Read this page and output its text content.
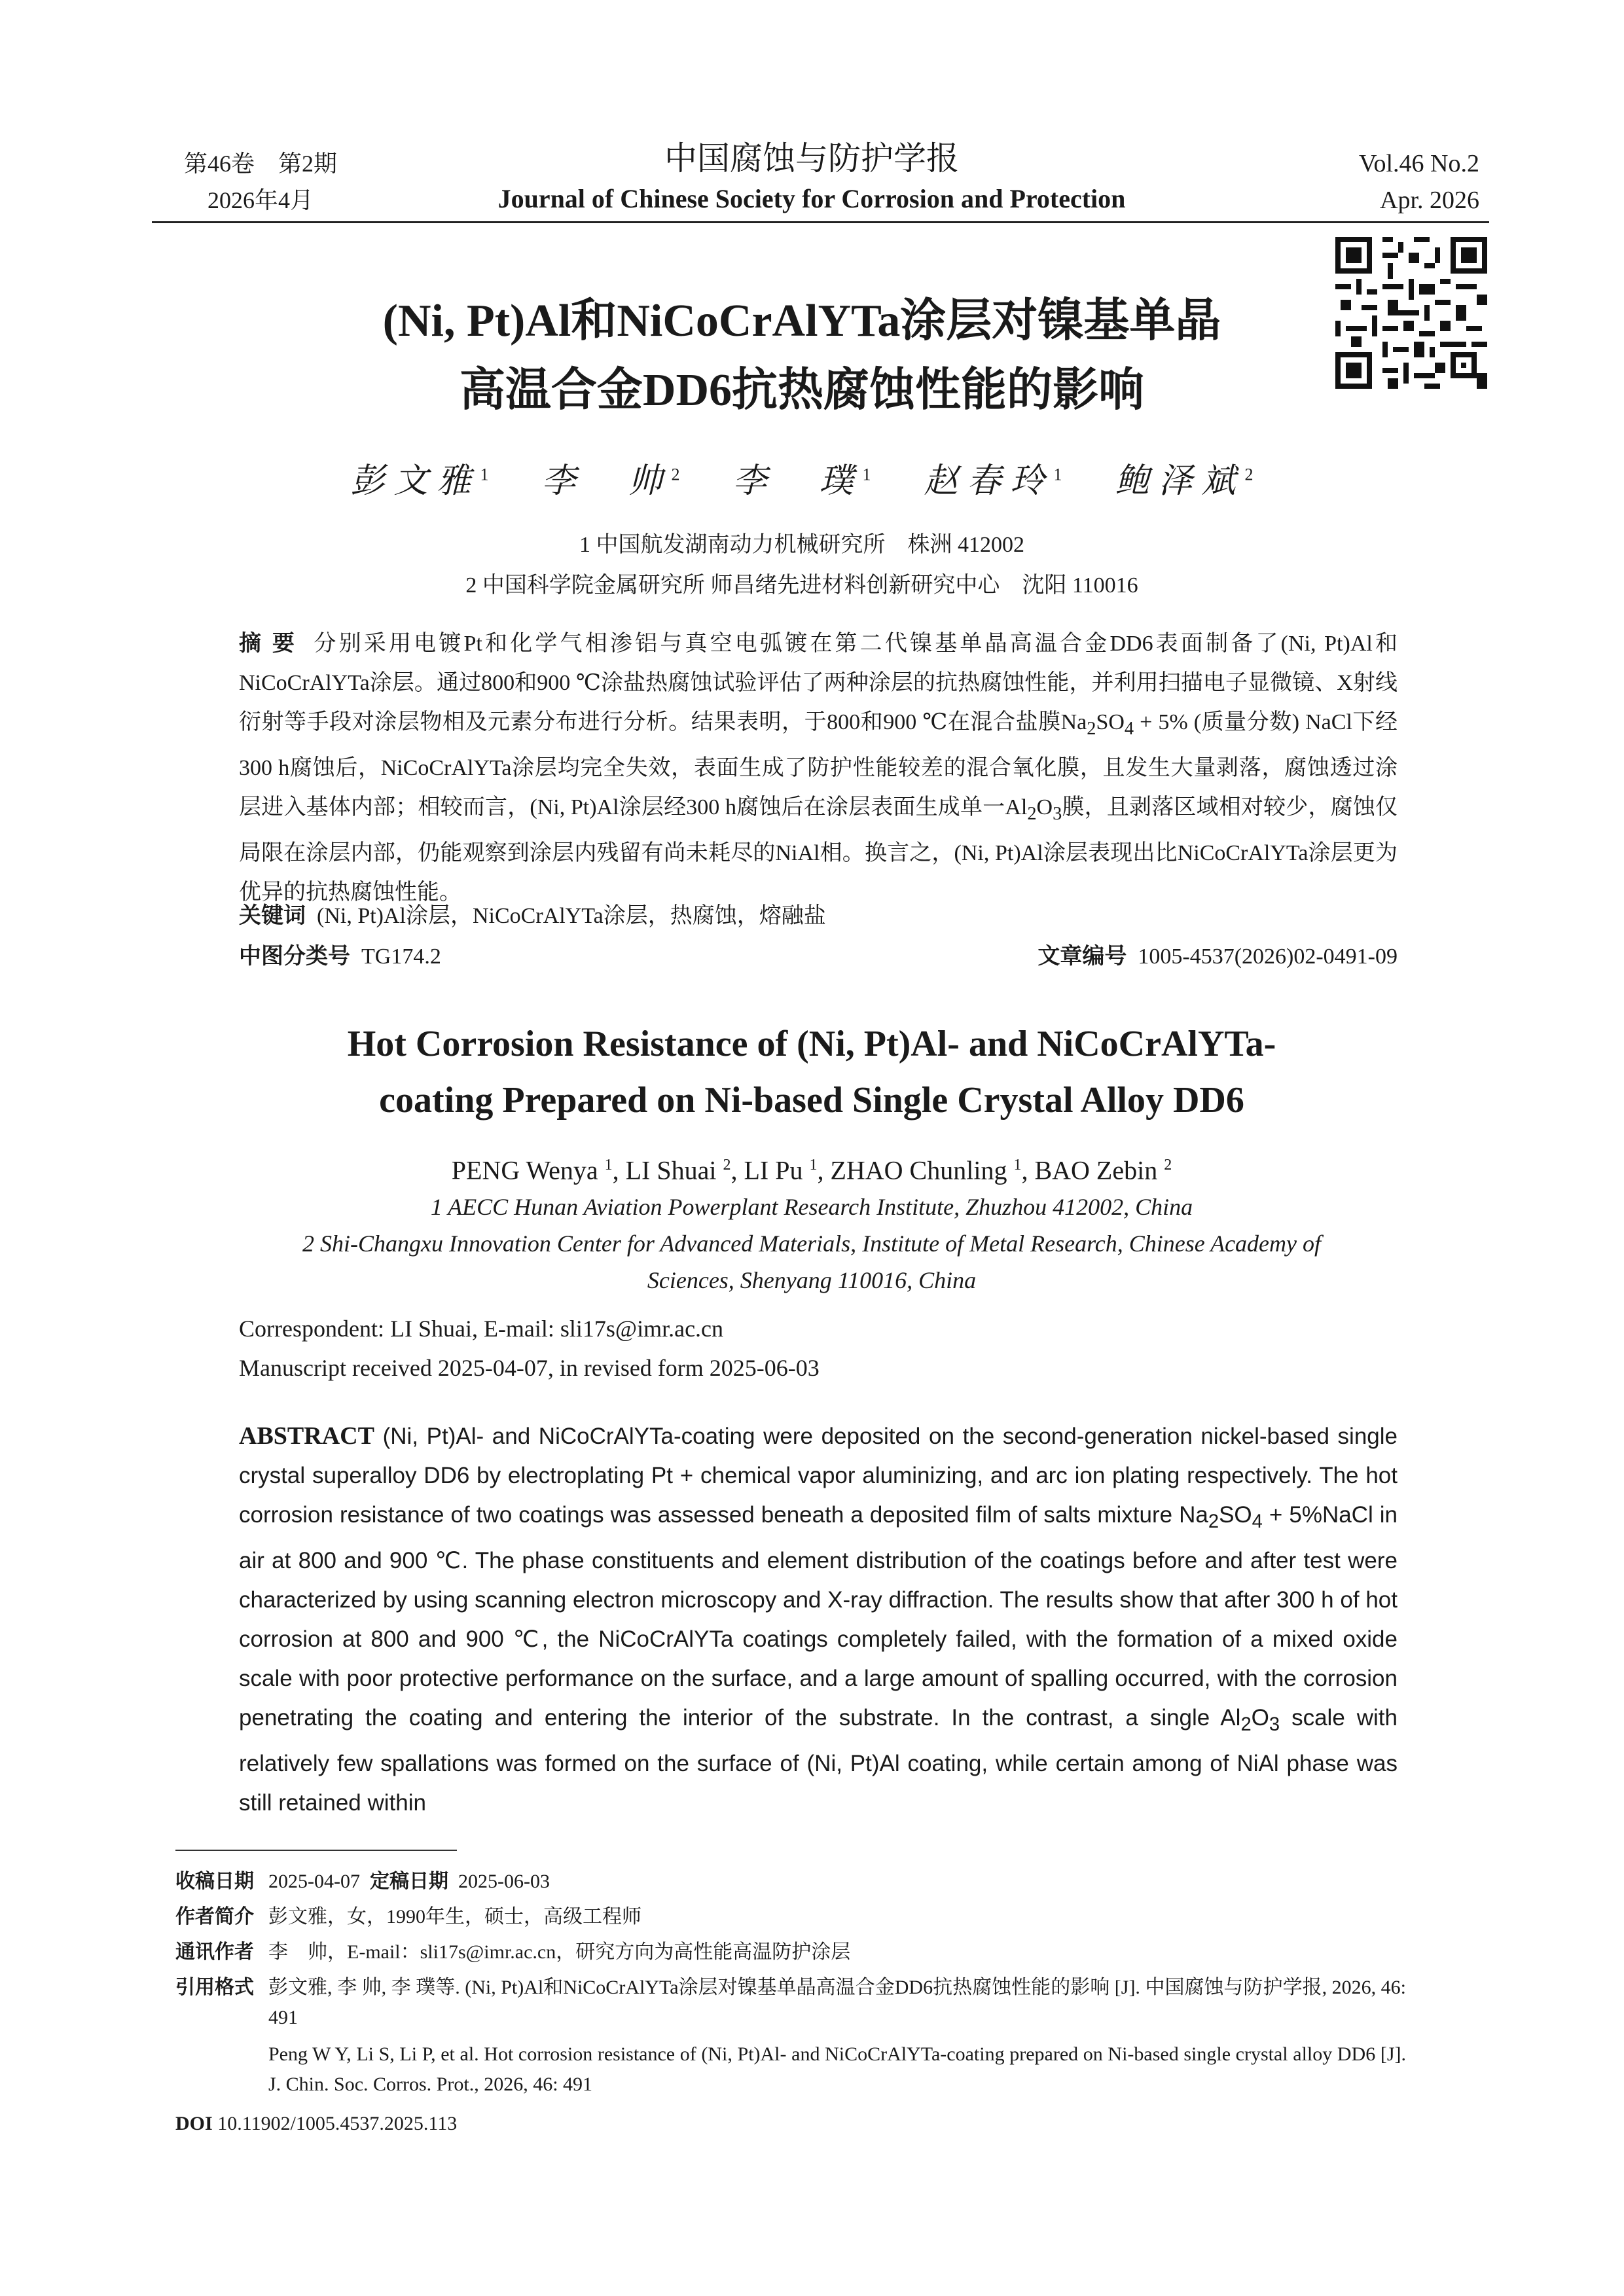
第46卷　第2期
2026年4月
中国腐蚀与防护学报
Journal of Chinese Society for Corrosion and Protection
Vol.46 No.2
Apr. 2026
(Ni, Pt)Al和NiCoCrAlYTa涂层对镍基单晶
高温合金DD6抗热腐蚀性能的影响
彭文雅$^1$ 李　帅$^2$ 李　璞$^1$ 赵春玲$^1$ 鲍泽斌$^2$
1 中国航发湖南动力机械研究所　株洲 412002
2 中国科学院金属研究所 师昌绪先进材料创新研究中心　沈阳 110016
摘 要 分别采用电镀Pt和化学气相渗铝与真空电弧镀在第二代镍基单晶高温合金DD6表面制备了(Ni, Pt)Al和NiCoCrAlYTa涂层。通过800和900 ℃涂盐热腐蚀试验评估了两种涂层的抗热腐蚀性能，并利用扫描电子显微镜、X射线衍射等手段对涂层物相及元素分布进行分析。结果表明，于800和900 ℃在混合盐膜$Na_2SO_4 + 5\%$ (质量分数) NaCl下经300 h腐蚀后，NiCoCrAlYTa涂层均完全失效，表面生成了防护性能较差的混合氧化膜，且发生大量剥落，腐蚀透过涂层进入基体内部；相较而言，(Ni, Pt)Al涂层经300 h腐蚀后在涂层表面生成单一$Al_2O_3$膜，且剥落区域相对较少，腐蚀仅局限在涂层内部，仍能观察到涂层内残留有尚未耗尽的NiAl相。换言之，(Ni, Pt)Al涂层表现出比NiCoCrAlYTa涂层更为优异的抗热腐蚀性能。
关键词 (Ni, Pt)Al涂层，NiCoCrAlYTa涂层，热腐蚀，熔融盐
中图分类号 TG174.2	文章编号 1005-4537(2026)02-0491-09
Hot Corrosion Resistance of (Ni, Pt)Al- and NiCoCrAlYTa-
coating Prepared on Ni-based Single Crystal Alloy DD6
PENG Wenya $^1$, LI Shuai $^2$, LI Pu $^1$, ZHAO Chunling $^1$, BAO Zebin $^2$
1 AECC Hunan Aviation Powerplant Research Institute, Zhuzhou 412002, China
2 Shi-Changxu Innovation Center for Advanced Materials, Institute of Metal Research, Chinese Academy of
Sciences, Shenyang 110016, China
Correspondent: LI Shuai, E-mail: sli17s@imr.ac.cn
Manuscript received 2025-04-07, in revised form 2025-06-03
ABSTRACT (Ni, Pt)Al- and NiCoCrAlYTa-coating were deposited on the second-generation nickel-based single crystal superalloy DD6 by electroplating Pt + chemical vapor aluminizing, and arc ion plating respectively. The hot corrosion resistance of two coatings was assessed beneath a deposited film of salts mixture $Na_2SO_4$ + 5%NaCl in air at 800 and 900 ℃. The phase constituents and element distribution of the coatings before and after test were characterized by using scanning electron microscopy and X-ray diffraction. The results show that after 300 h of hot corrosion at 800 and 900 ℃, the NiCoCrAlYTa coatings completely failed, with the formation of a mixed oxide scale with poor protective performance on the surface, and a large amount of spalling occurred, with the corrosion penetrating the coating and entering the interior of the substrate. In the contrast, a single $Al_2O_3$ scale with relatively few spallations was formed on the surface of (Ni, Pt)Al coating, while certain among of NiAl phase was still retained within
收稿日期 2025-04-07 定稿日期 2025-06-03
作者简介 彭文雅，女，1990年生，硕士，高级工程师
通讯作者 李　帅，E-mail：sli17s@imr.ac.cn，研究方向为高性能高温防护涂层
引用格式 彭文雅, 李 帅, 李 璞等. (Ni, Pt)Al和NiCoCrAlYTa涂层对镍基单晶高温合金DD6抗热腐蚀性能的影响 [J]. 中国腐蚀与防护学报, 2026, 46: 491
Peng W Y, Li S, Li P, et al. Hot corrosion resistance of (Ni, Pt)Al- and NiCoCrAlYTa-coating prepared on Ni-based single crystal alloy DD6 [J]. J. Chin. Soc. Corros. Prot., 2026, 46: 491
DOI 10.11902/1005.4537.2025.113
